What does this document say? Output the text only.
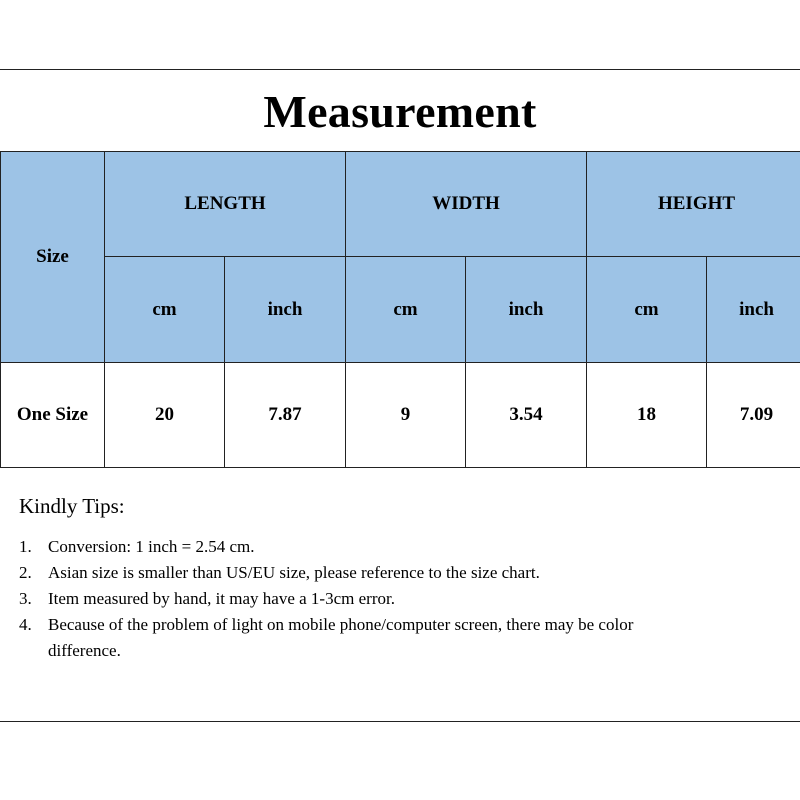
Measurement
Size	LENGTH		WIDTH		HEIGHT	
	cm	inch	cm	inch	cm	inch
One Size	20	7.87	9	3.54	18	7.09
Kindly Tips:
1. Conversion: 1 inch = 2.54 cm.
2. Asian size is smaller than US/EU size, please reference to the size chart.
3. Item measured by hand, it may have a 1-3cm error.
4. Because of the problem of light on mobile phone/computer screen, there may be color difference.
